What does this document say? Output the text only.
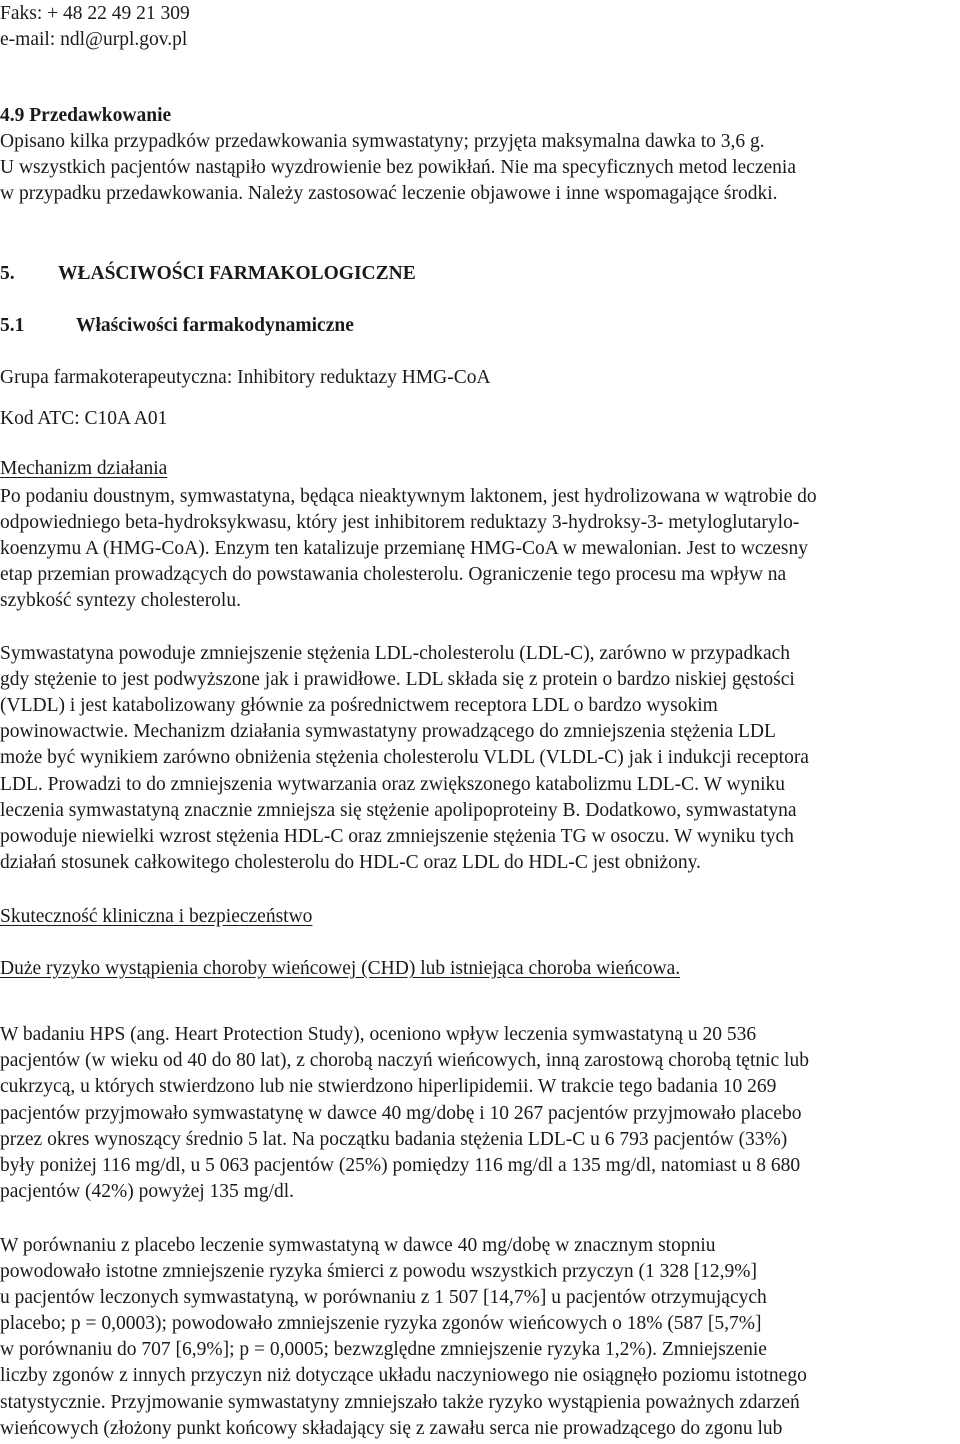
Faks: + 48 22 49 21 309

e-mail: ndl@urpl.gov.pl

4.9 Przedawkowanie

Opisano kilka przypadków przedawkowania symwastatyny; przyjęta maksymalna dawka to 3,6 g.

U wszystkich pacjentów nastąpiło wyzdrowienie bez powikłań. Nie ma specyficznych metod leczenia

w przypadku przedawkowania. Należy zastosować leczenie objawowe i inne wspomagające środki.

5. WŁAŚCIWOŚCI FARMAKOLOGICZNE
5.1	Właściwości farmakodynamiczne

Grupa farmakoterapeutyczna: Inhibitory reduktazy HMG-CoA

Kod ATC: C10A A01

Mechanizm działania

Po podaniu doustnym, symwastatyna, będąca nieaktywnym laktonem, jest hydrolizowana w wątrobie do

odpowiedniego beta-hydroksykwasu, który jest inhibitorem reduktazy 3-hydroksy-3- metyloglutarylo-

koenzymu A (HMG-CoA). Enzym ten katalizuje przemianę HMG-CoA w mewalonian. Jest to wczesny

etap przemian prowadzących do powstawania cholesterolu. Ograniczenie tego procesu ma wpływ na

szybkość syntezy cholesterolu.

Symwastatyna powoduje zmniejszenie stężenia LDL-cholesterolu (LDL-C), zarówno w przypadkach

gdy stężenie to jest podwyższone jak i prawidłowe. LDL składa się z protein o bardzo niskiej gęstości

(VLDL) i jest katabolizowany głównie za pośrednictwem receptora LDL o bardzo wysokim

powinowactwie. Mechanizm działania symwastatyny prowadzącego do zmniejszenia stężenia LDL

może być wynikiem zarówno obniżenia stężenia cholesterolu VLDL (VLDL-C) jak i indukcji receptora

LDL. Prowadzi to do zmniejszenia wytwarzania oraz zwiększonego katabolizmu LDL-C. W wyniku

leczenia symwastatyną znacznie zmniejsza się stężenie apolipoproteiny B. Dodatkowo, symwastatyna

powoduje niewielki wzrost stężenia HDL-C oraz zmniejszenie stężenia TG w osoczu. W wyniku tych

działań stosunek całkowitego cholesterolu do HDL-C oraz LDL do HDL-C jest obniżony.

Skuteczność kliniczna i bezpieczeństwo

Duże ryzyko wystąpienia choroby wieńcowej (CHD) lub istniejąca choroba wieńcowa.

W badaniu HPS (ang. Heart Protection Study), oceniono wpływ leczenia symwastatyną u 20 536

pacjentów (w wieku od 40 do 80 lat), z chorobą naczyń wieńcowych, inną zarostową chorobą tętnic lub

cukrzycą, u których stwierdzono lub nie stwierdzono hiperlipidemii. W trakcie tego badania 10 269

pacjentów przyjmowało symwastatynę w dawce 40 mg/dobę i 10 267 pacjentów przyjmowało placebo

przez okres wynoszący średnio 5 lat. Na początku badania stężenia LDL-C u 6 793 pacjentów (33%)

były poniżej 116 mg/dl, u 5 063 pacjentów (25%) pomiędzy 116 mg/dl a 135 mg/dl, natomiast u 8 680

pacjentów (42%) powyżej 135 mg/dl.

W porównaniu z placebo leczenie symwastatyną w dawce 40 mg/dobę w znacznym stopniu

powodowało istotne zmniejszenie ryzyka śmierci z powodu wszystkich przyczyn (1 328 [12,9%]

u pacjentów leczonych symwastatyną, w porównaniu z 1 507 [14,7%] u pacjentów otrzymujących

placebo; p = 0,0003); powodowało zmniejszenie ryzyka zgonów wieńcowych o 18% (587 [5,7%]

w porównaniu do 707 [6,9%]; p = 0,0005; bezwzględne zmniejszenie ryzyka 1,2%). Zmniejszenie

liczby zgonów z innych przyczyn niż dotyczące układu naczyniowego nie osiągnęło poziomu istotnego

statystycznie. Przyjmowanie symwastatyny zmniejszało także ryzyko wystąpienia poważnych zdarzeń

wieńcowych (złożony punkt końcowy składający się z zawału serca nie prowadzącego do zgonu lub
